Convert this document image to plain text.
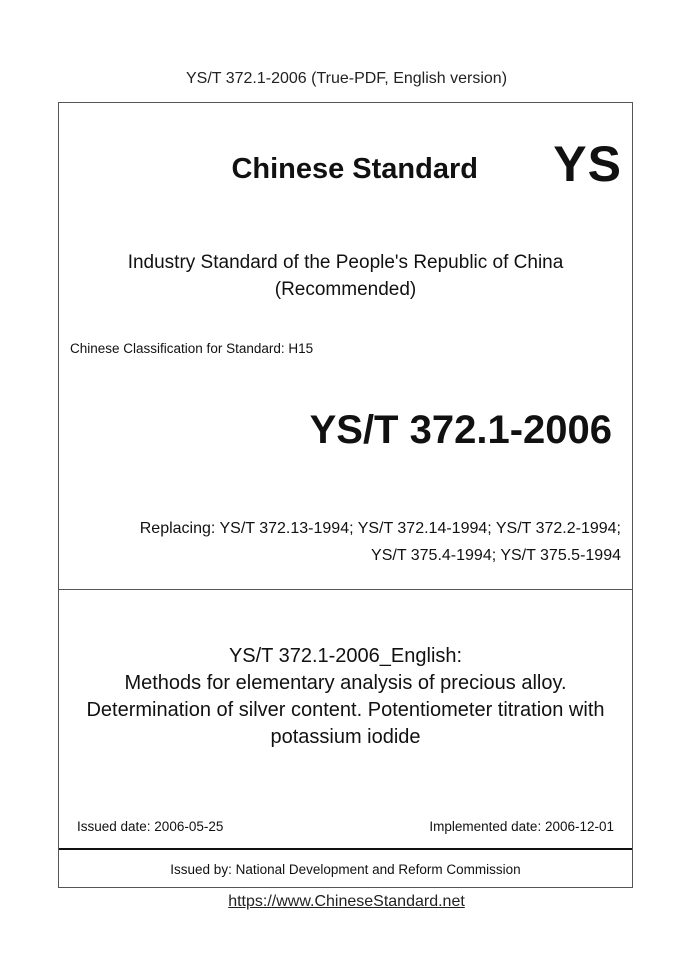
YS/T 372.1-2006 (True-PDF, English version)
Chinese Standard YS
Industry Standard of the People's Republic of China
(Recommended)
Chinese Classification for Standard: H15
YS/T 372.1-2006
Replacing: YS/T 372.13-1994; YS/T 372.14-1994; YS/T 372.2-1994;
YS/T 375.4-1994; YS/T 375.5-1994
YS/T 372.1-2006_English:
Methods for elementary analysis of precious alloy.
Determination of silver content. Potentiometer titration with
potassium iodide
Issued date: 2006-05-25	Implemented date: 2006-12-01
Issued by: National Development and Reform Commission
https://www.ChineseStandard.net
